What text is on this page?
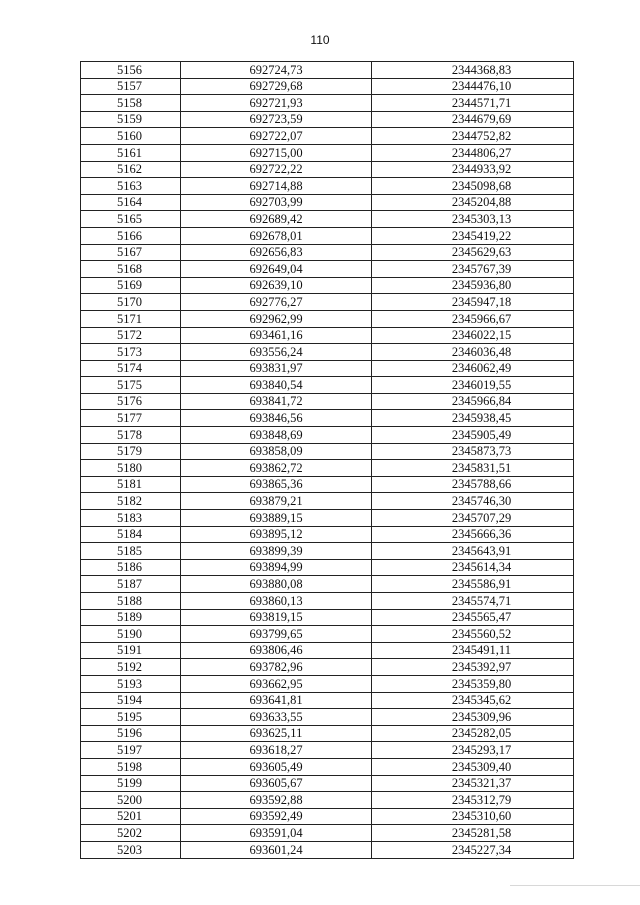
110
5156	692724,73	2344368,83
5157	692729,68	2344476,10
5158	692721,93	2344571,71
5159	692723,59	2344679,69
5160	692722,07	2344752,82
5161	692715,00	2344806,27
5162	692722,22	2344933,92
5163	692714,88	2345098,68
5164	692703,99	2345204,88
5165	692689,42	2345303,13
5166	692678,01	2345419,22
5167	692656,83	2345629,63
5168	692649,04	2345767,39
5169	692639,10	2345936,80
5170	692776,27	2345947,18
5171	692962,99	2345966,67
5172	693461,16	2346022,15
5173	693556,24	2346036,48
5174	693831,97	2346062,49
5175	693840,54	2346019,55
5176	693841,72	2345966,84
5177	693846,56	2345938,45
5178	693848,69	2345905,49
5179	693858,09	2345873,73
5180	693862,72	2345831,51
5181	693865,36	2345788,66
5182	693879,21	2345746,30
5183	693889,15	2345707,29
5184	693895,12	2345666,36
5185	693899,39	2345643,91
5186	693894,99	2345614,34
5187	693880,08	2345586,91
5188	693860,13	2345574,71
5189	693819,15	2345565,47
5190	693799,65	2345560,52
5191	693806,46	2345491,11
5192	693782,96	2345392,97
5193	693662,95	2345359,80
5194	693641,81	2345345,62
5195	693633,55	2345309,96
5196	693625,11	2345282,05
5197	693618,27	2345293,17
5198	693605,49	2345309,40
5199	693605,67	2345321,37
5200	693592,88	2345312,79
5201	693592,49	2345310,60
5202	693591,04	2345281,58
5203	693601,24	2345227,34
